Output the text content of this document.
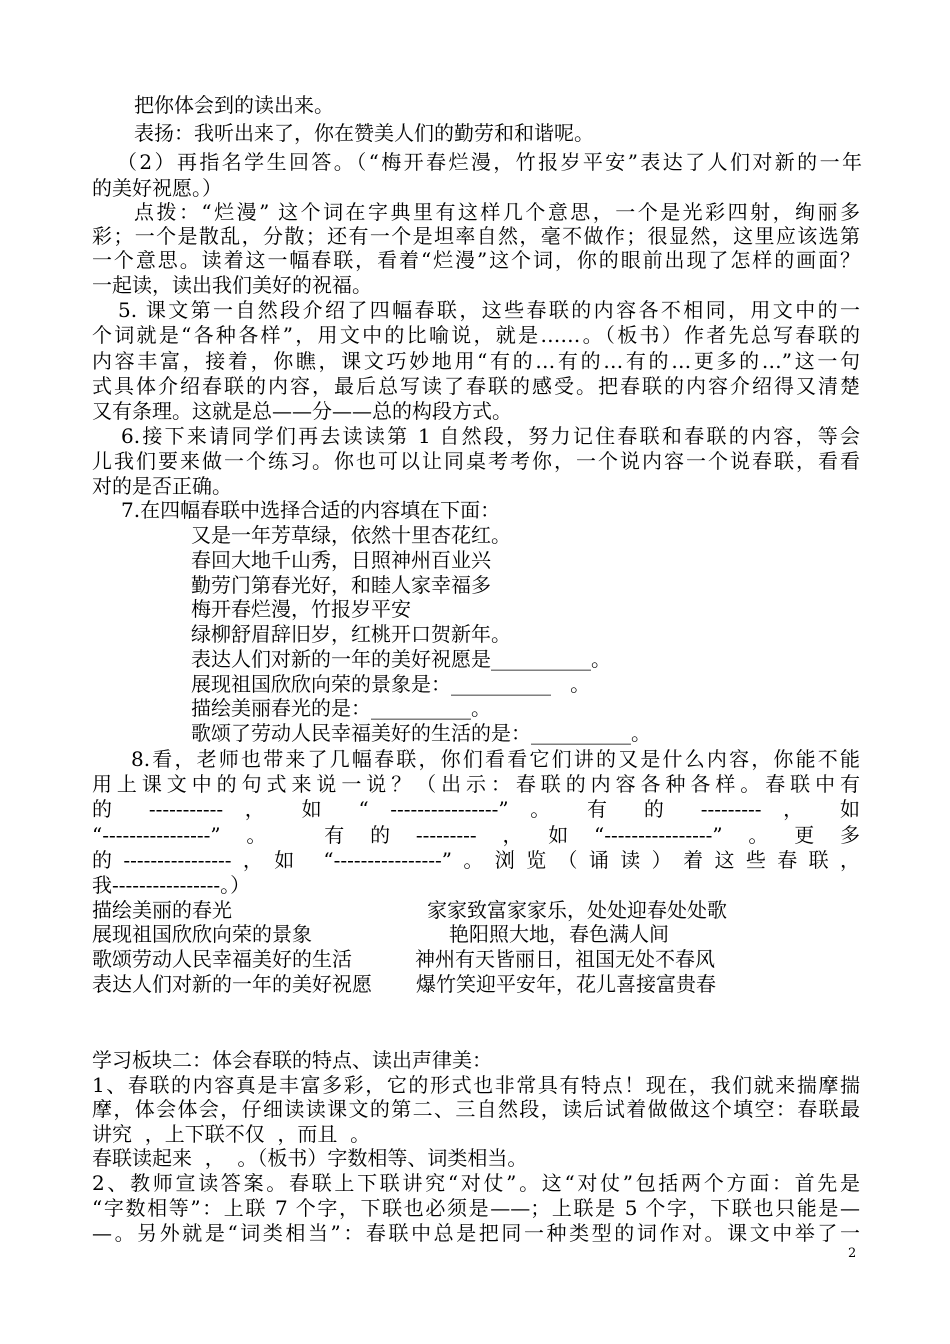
把你体会到的读出来。
表扬：我听出来了，你在赞美人们的勤劳和和谐呢。
（2）再指名学生回答。（“梅开春烂漫，竹报岁平安”表达了人们对新的一年
的美好祝愿。）
点拨：“烂漫” 这个词在字典里有这样几个意思，一个是光彩四射，绚丽多
彩；一个是散乱，分散；还有一个是坦率自然，毫不做作；很显然，这里应该选第
一个意思。读着这一幅春联，看着“烂漫”这个词，你的眼前出现了怎样的画面？
一起读，读出我们美好的祝福。
5. 课文第一自然段介绍了四幅春联，这些春联的内容各不相同，用文中的一
个词就是“各种各样”，用文中的比喻说，就是……。（板书）作者先总写春联的
内容丰富，接着，你瞧，课文巧妙地用“有的…有的…有的…更多的…”这一句
式具体介绍春联的内容，最后总写读了春联的感受。把春联的内容介绍得又清楚
又有条理。这就是总——分——总的构段方式。
6.接下来请同学们再去读读第 1 自然段，努力记住春联和春联的内容，等会
儿我们要来做一个练习。你也可以让同桌考考你，一个说内容一个说春联，看看
对的是否正确。
7.在四幅春联中选择合适的内容填在下面：
又是一年芳草绿，依然十里杏花红。
春回大地千山秀，日照神州百业兴
勤劳门第春光好，和睦人家幸福多
梅开春烂漫，竹报岁平安
绿柳舒眉辞旧岁，红桃开口贺新年。
表达人们对新的一年的美好祝愿是__________。
展现祖国欣欣向荣的景象是：__________   。
描绘美丽春光的是：__________。
歌颂了劳动人民幸福美好的生活的是：__________。
8.看，老师也带来了几幅春联，你们看看它们讲的又是什么内容，你能不能
用上课文中的句式来说一说？（出示：春联的内容各种各样。春联中有
的 ----------- ， 如 “ ----------------” 。 有 的 --------- ， 如
“----------------”。 有的---------，如“----------------”。更多
的----------------，如 “----------------”。浏览（诵读）着这些春联，
我----------------。）
描绘美丽的春光	家家致富家家乐，处处迎春处处歌
展现祖国欣欣向荣的景象	艳阳照大地，春色满人间
歌颂劳动人民幸福美好的生活	神州有天皆丽日，祖国无处不春风
表达人们对新的一年的美好祝愿 爆竹笑迎平安年，花儿喜接富贵春
学习板块二：体会春联的特点、读出声律美：
1、春联的内容真是丰富多彩，它的形式也非常具有特点！现在，我们就来揣摩揣
摩，体会体会，仔细读读课文的第二、三自然段，读后试着做做这个填空：春联最
讲究  ，上下联不仅  ，而且  。
春联读起来  ，  。（板书）字数相等、词类相当。
2、教师宣读答案。春联上下联讲究“对仗”。这“对仗”包括两个方面：首先是
“字数相等”：上联 7 个字，下联也必须是——；上联是 5 个字，下联也只能是—
—。另外就是“词类相当”：春联中总是把同一种类型的词作对。课文中举了一
2
